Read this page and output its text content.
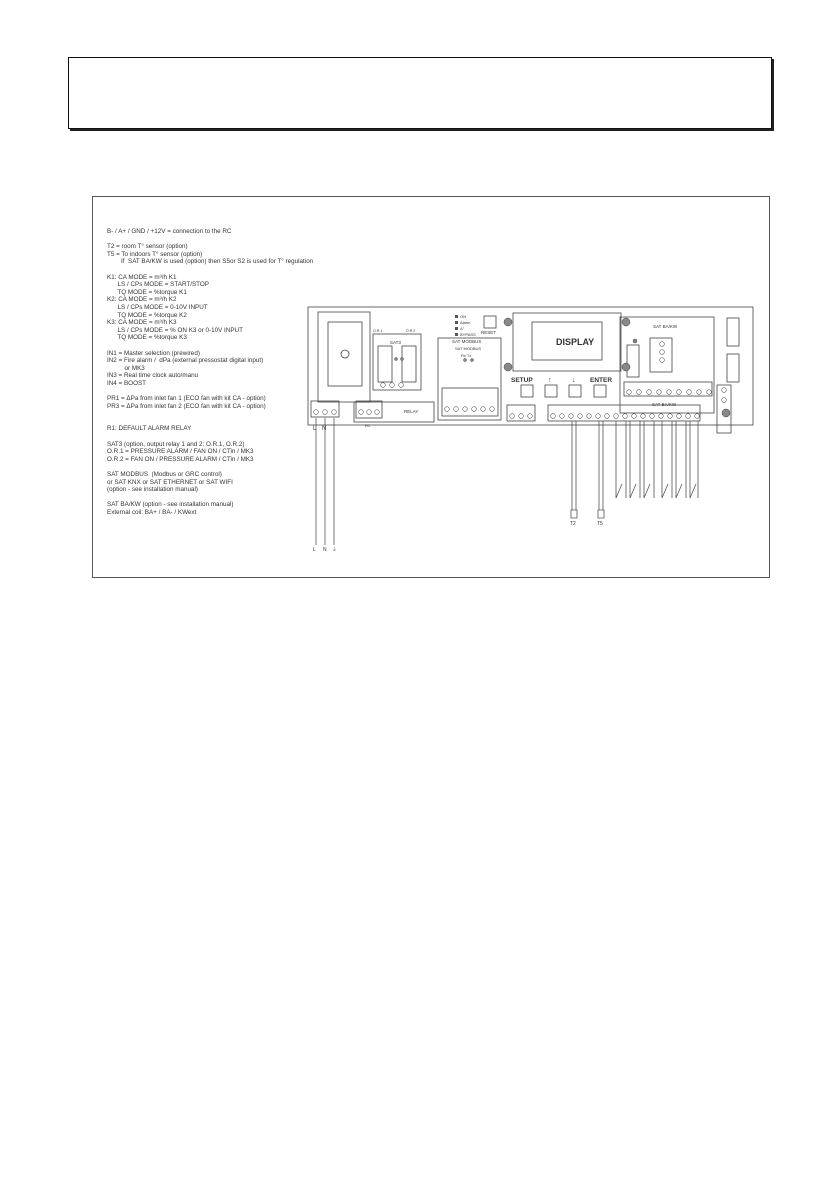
B- / A+ / GND / +12V = connection to the RC
T2 = room T° sensor (option)
T5 = To indoors T° sensor (option)
If  SAT BA/KW is used (option) then S5or S2 is used for T° regulation
K1: CA MODE = m³/h K1
LS / CPs MODE = START/STOP
TQ MODE = %torque K1
K2: CA MODE = m³/h K2
LS / CPs MODE = 0-10V INPUT
TQ MODE = %torque K2
K3: CA MODE = m³/h K3
LS / CPs MODE = % ON K3 or 0-10V INPUT
TQ MODE = %torque K3
IN1 = Master selection (prewired)
IN2 = Fire alarm /  dPa (external pressostat digital input)
or MK3
IN3 = Real time clock auto/manu
IN4 = BOOST
PR1 = ΔPa from inlet fan 1 (ECO fan with kit CA - option)
PR3 = ΔPa from inlet fan 2 (ECO fan with kit CA - option)
R1: DEFAULT ALARM RELAY
SAT3 (option, output relay 1 and 2: O.R.1, O.R.2)
O.R.1 = PRESSURE ALARM / FAN ON / CTin / MK3
O.R.2 = FAN ON / PRESSURE ALARM / CTin / MK3
SAT MODBUS  (Modbus or GRC control)
or SAT KNX or SAT ETHERNET or SAT WIFI
(option - see installation manual)
SAT BA/KW (option - see installation manual)
External coil: BA+ / BA- / KWext
DISPLAY
SETUP ↑	↓ ENTER
RESET
ON
Alarm
Δ°
BYPASS
SAT3
O.R.1	O.R.2
SAT MODBUS
SAT MODBUS
Rx Tx
SAT BA/KW
SAT BA/KW
RELAY
R1
L N
L N ⏚
T2	T5
